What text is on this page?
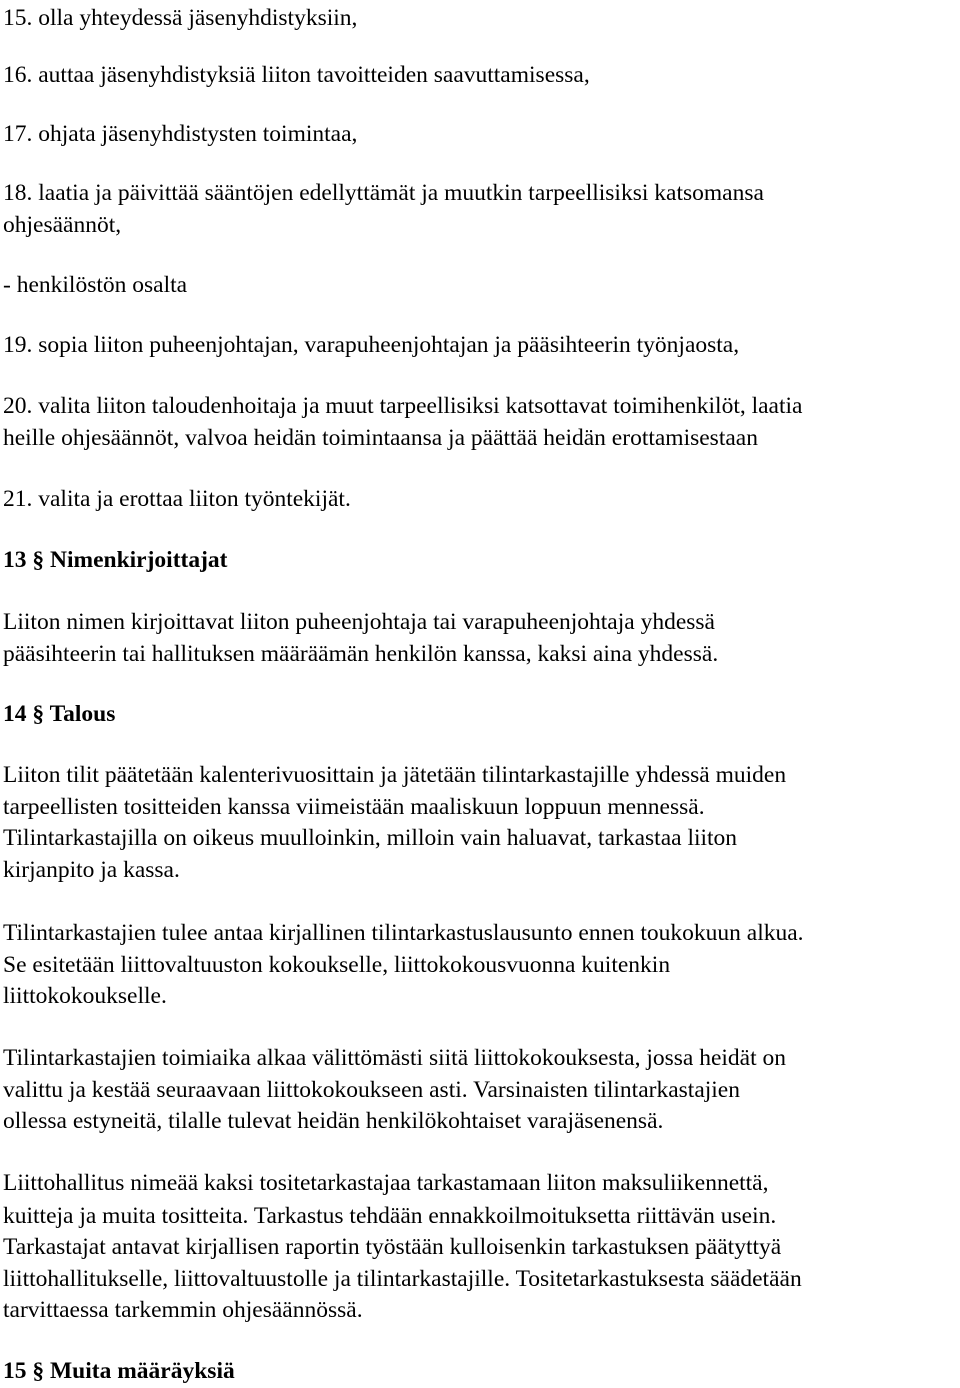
15. olla yhteydessä jäsenyhdistyksiin,
16. auttaa jäsenyhdistyksiä liiton tavoitteiden saavuttamisessa,
17. ohjata jäsenyhdistysten toimintaa,
18. laatia ja päivittää sääntöjen edellyttämät ja muutkin tarpeellisiksi katsomansa
ohjesäännöt,
- henkilöstön osalta
19. sopia liiton puheenjohtajan, varapuheenjohtajan ja pääsihteerin työnjaosta,
20. valita liiton taloudenhoitaja ja muut tarpeellisiksi katsottavat toimihenkilöt, laatia
heille ohjesäännöt, valvoa heidän toimintaansa ja päättää heidän erottamisestaan
21. valita ja erottaa liiton työntekijät.
13 § Nimenkirjoittajat
Liiton nimen kirjoittavat liiton puheenjohtaja tai varapuheenjohtaja yhdessä
pääsihteerin tai hallituksen määräämän henkilön kanssa, kaksi aina yhdessä.
14 § Talous
Liiton tilit päätetään kalenterivuosittain ja jätetään tilintarkastajille yhdessä muiden
tarpeellisten tositteiden kanssa viimeistään maaliskuun loppuun mennessä.
Tilintarkastajilla on oikeus muulloinkin, milloin vain haluavat, tarkastaa liiton
kirjanpito ja kassa.
Tilintarkastajien tulee antaa kirjallinen tilintarkastuslausunto ennen toukokuun alkua.
Se esitetään liittovaltuuston kokoukselle, liittokokousvuonna kuitenkin
liittokokoukselle.
Tilintarkastajien toimiaika alkaa välittömästi siitä liittokokouksesta, jossa heidät on
valittu ja kestää seuraavaan liittokokoukseen asti. Varsinaisten tilintarkastajien
ollessa estyneitä, tilalle tulevat heidän henkilökohtaiset varajäsenensä.
Liittohallitus nimeää kaksi tositetarkastajaa tarkastamaan liiton maksuliikennettä,
kuitteja ja muita tositteita. Tarkastus tehdään ennakkoilmoituksetta riittävän usein.
Tarkastajat antavat kirjallisen raportin työstään kulloisenkin tarkastuksen päätyttyä
liittohallitukselle, liittovaltuustolle ja tilintarkastajille. Tositetarkastuksesta säädetään
tarvittaessa tarkemmin ohjesäännössä.
15 § Muita määräyksiä
